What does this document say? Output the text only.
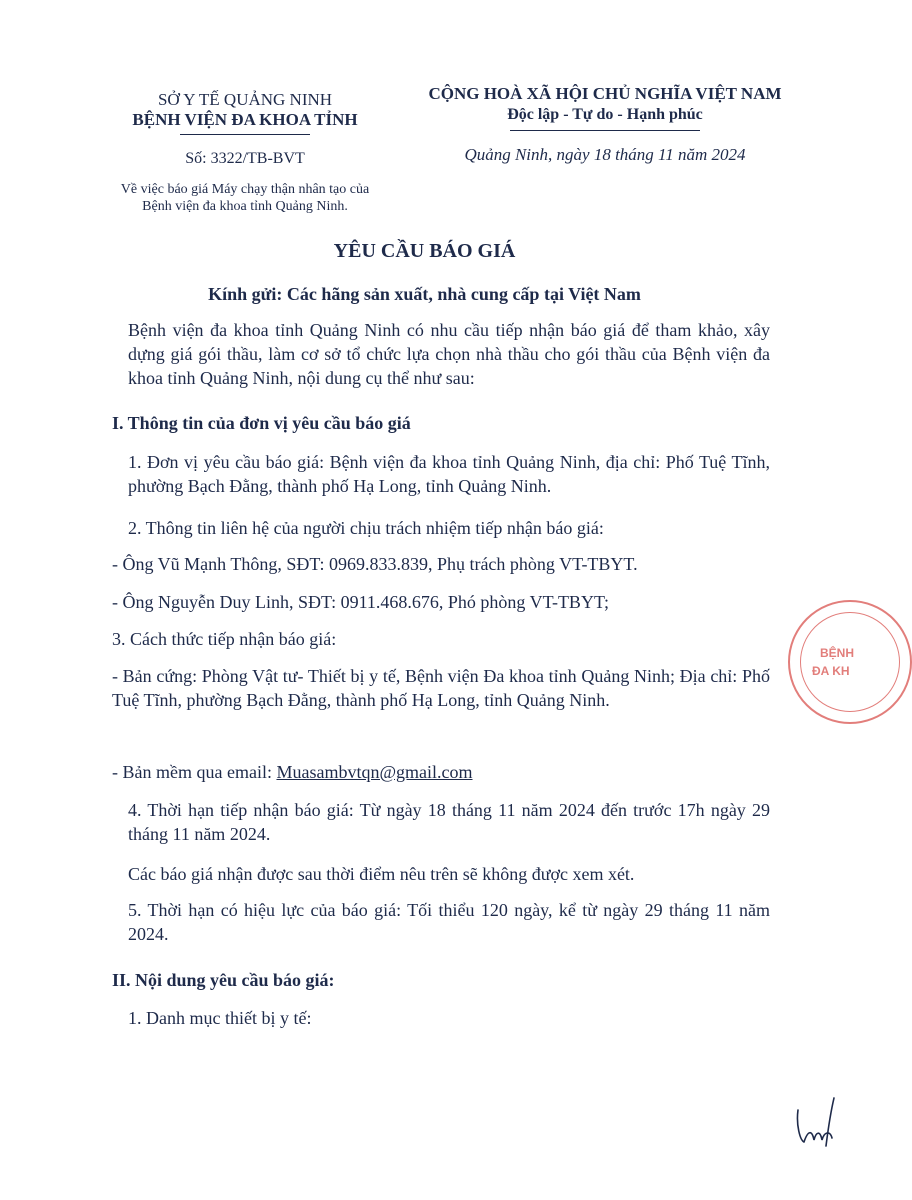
SỞ Y TẾ QUẢNG NINH
BỆNH VIỆN ĐA KHOA TỈNH
Số: 3322/TB-BVT
Về việc báo giá Máy chạy thận nhân tạo của
Bệnh viện đa khoa tỉnh Quảng Ninh.
CỘNG HOÀ XÃ HỘI CHỦ NGHĨA VIỆT NAM
Độc lập - Tự do - Hạnh phúc
Quảng Ninh, ngày 18 tháng 11 năm 2024
YÊU CẦU BÁO GIÁ
Kính gửi: Các hãng sản xuất, nhà cung cấp tại Việt Nam
Bệnh viện đa khoa tỉnh Quảng Ninh có nhu cầu tiếp nhận báo giá để tham khảo, xây dựng giá gói thầu, làm cơ sở tổ chức lựa chọn nhà thầu cho gói thầu của Bệnh viện đa khoa tỉnh Quảng Ninh, nội dung cụ thể như sau:
I. Thông tin của đơn vị yêu cầu báo giá
1. Đơn vị yêu cầu báo giá: Bệnh viện đa khoa tỉnh Quảng Ninh, địa chỉ: Phố Tuệ Tĩnh, phường Bạch Đằng, thành phố Hạ Long, tỉnh Quảng Ninh.
2. Thông tin liên hệ của người chịu trách nhiệm tiếp nhận báo giá:
- Ông Vũ Mạnh Thông, SĐT: 0969.833.839, Phụ trách phòng VT-TBYT.
- Ông Nguyễn Duy Linh, SĐT: 0911.468.676, Phó phòng VT-TBYT;
3. Cách thức tiếp nhận báo giá:
- Bản cứng: Phòng Vật tư- Thiết bị y tế, Bệnh viện Đa khoa tỉnh Quảng Ninh; Địa chỉ: Phố Tuệ Tĩnh, phường Bạch Đằng, thành phố Hạ Long, tỉnh Quảng Ninh.
- Bản mềm qua email: Muasambvtqn@gmail.com
4. Thời hạn tiếp nhận báo giá: Từ ngày 18 tháng 11 năm 2024 đến trước 17h ngày 29 tháng 11 năm 2024.
Các báo giá nhận được sau thời điểm nêu trên sẽ không được xem xét.
5. Thời hạn có hiệu lực của báo giá: Tối thiểu 120 ngày, kể từ ngày 29 tháng 11 năm 2024.
II. Nội dung yêu cầu báo giá:
1. Danh mục thiết bị y tế:
BỆNH
ĐA KH
